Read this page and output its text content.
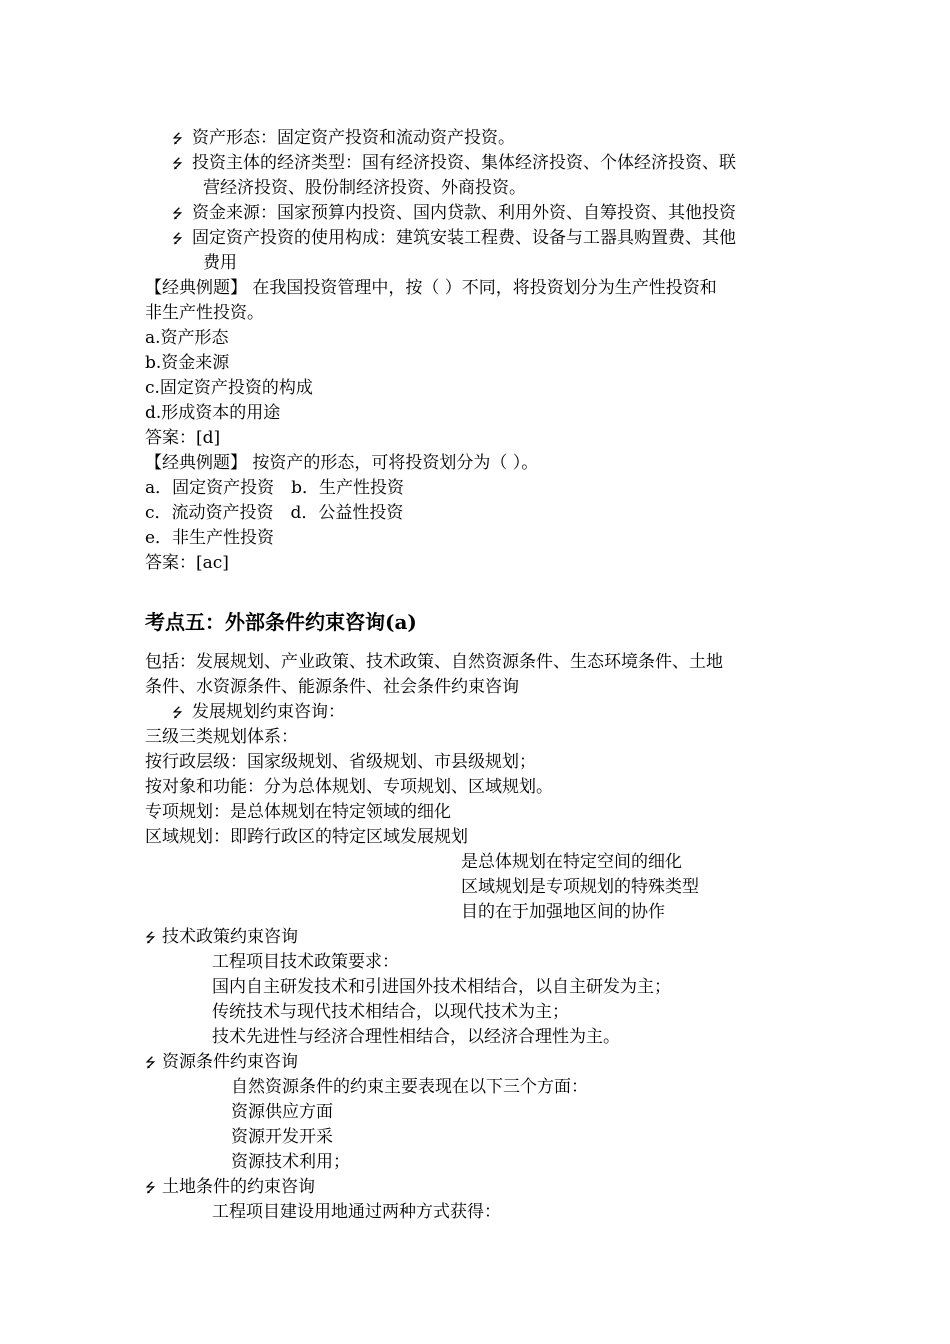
⭍ 资产形态：固定资产投资和流动资产投资。
⭍ 投资主体的经济类型：国有经济投资、集体经济投资、个体经济投资、联
营经济投资、股份制经济投资、外商投资。
⭍ 资金来源：国家预算内投资、国内贷款、利用外资、自筹投资、其他投资
⭍ 固定资产投资的使用构成：建筑安装工程费、设备与工器具购置费、其他
费用
【经典例题】 在我国投资管理中，按（ ）不同，将投资划分为生产性投资和
非生产性投资。
a.资产形态
b.资金来源
c.固定资产投资的构成
d.形成资本的用途
答案：[d]
【经典例题】 按资产的形态，可将投资划分为（ ）。
a．固定资产投资　b．生产性投资
c．流动资产投资　d．公益性投资
e．非生产性投资
答案：[ac]
考点五：外部条件约束咨询(a)
包括：发展规划、产业政策、技术政策、自然资源条件、生态环境条件、土地
条件、水资源条件、能源条件、社会条件约束咨询
⭍ 发展规划约束咨询：
三级三类规划体系：
按行政层级：国家级规划、省级规划、市县级规划；
按对象和功能：分为总体规划、专项规划、区域规划。
专项规划：是总体规划在特定领域的细化
区域规划：即跨行政区的特定区域发展规划
是总体规划在特定空间的细化
区域规划是专项规划的特殊类型
目的在于加强地区间的协作
⭍ 技术政策约束咨询
工程项目技术政策要求：
国内自主研发技术和引进国外技术相结合，以自主研发为主；
传统技术与现代技术相结合，以现代技术为主；
技术先进性与经济合理性相结合，以经济合理性为主。
⭍ 资源条件约束咨询
自然资源条件的约束主要表现在以下三个方面：
资源供应方面
资源开发开采
资源技术利用；
⭍ 土地条件的约束咨询
工程项目建设用地通过两种方式获得：
